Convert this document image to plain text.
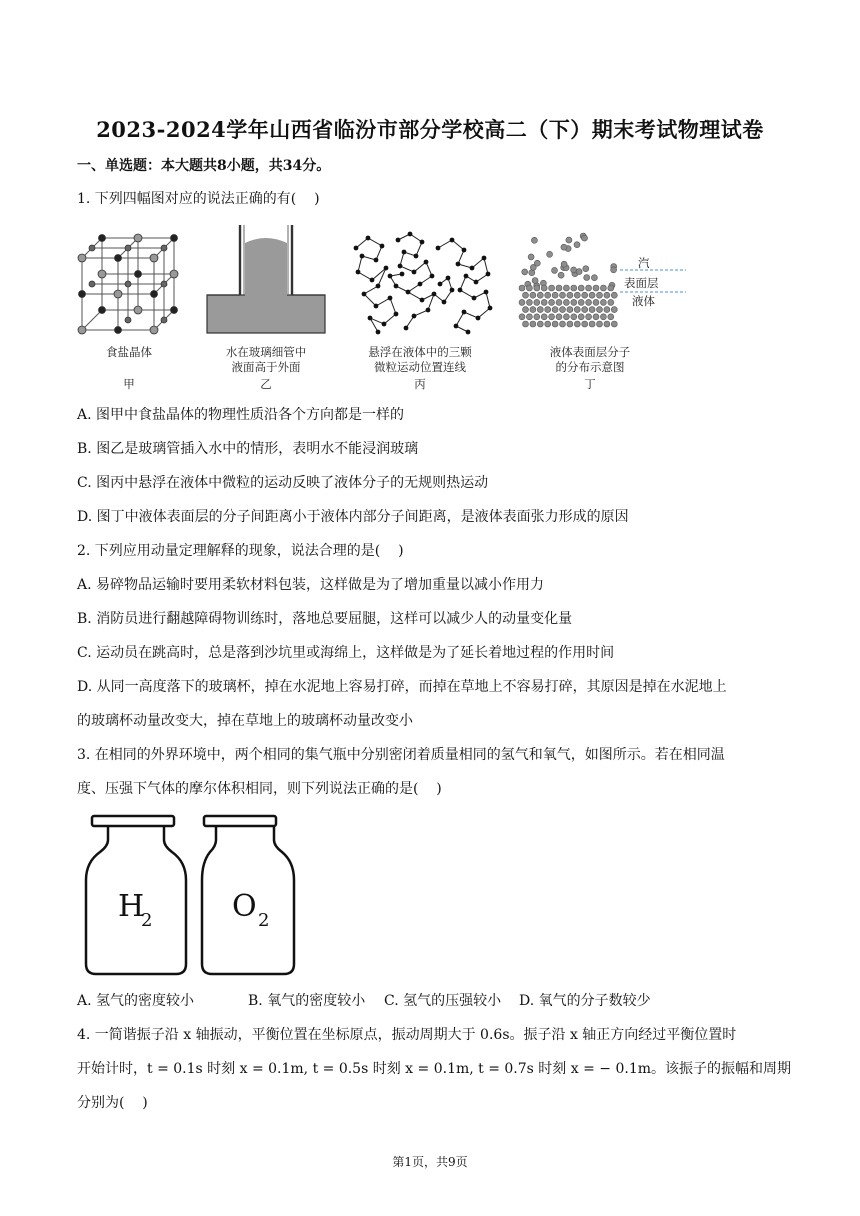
2023-2024学年山西省临汾市部分学校高二（下）期末考试物理试卷
一、单选题：本大题共8小题，共34分。
1. 下列四幅图对应的说法正确的有(    )
食盐晶体
甲
水在玻璃细管中
液面高于外面
乙
悬浮在液体中的三颗
微粒运动位置连线
丙
汽
表面层
液体
液体表面层分子
的分布示意图
丁
A. 图甲中食盐晶体的物理性质沿各个方向都是一样的
B. 图乙是玻璃管插入水中的情形，表明水不能浸润玻璃
C. 图丙中悬浮在液体中微粒的运动反映了液体分子的无规则热运动
D. 图丁中液体表面层的分子间距离小于液体内部分子间距离，是液体表面张力形成的原因
2. 下列应用动量定理解释的现象，说法合理的是(    )
A. 易碎物品运输时要用柔软材料包装，这样做是为了增加重量以减小作用力
B. 消防员进行翻越障碍物训练时，落地总要屈腿，这样可以减少人的动量变化量
C. 运动员在跳高时，总是落到沙坑里或海绵上，这样做是为了延长着地过程的作用时间
D. 从同一高度落下的玻璃杯，掉在水泥地上容易打碎，而掉在草地上不容易打碎，其原因是掉在水泥地上
的玻璃杯动量改变大，掉在草地上的玻璃杯动量改变小
3. 在相同的外界环境中，两个相同的集气瓶中分别密闭着质量相同的氢气和氧气，如图所示。若在相同温
度、压强下气体的摩尔体积相同，则下列说法正确的是(    )
H
2	O 2
A. 氢气的密度较小	B. 氧气的密度较小 C. 氢气的压强较小 D. 氧气的分子数较少
4. 一简谐振子沿 x 轴振动，平衡位置在坐标原点，振动周期大于 0.6s。振子沿 x 轴正方向经过平衡位置时
开始计时，t = 0.1s 时刻 x = 0.1m, t = 0.5s 时刻 x = 0.1m, t = 0.7s 时刻 x = − 0.1m。该振子的振幅和周期
分别为(    )
第1页，共9页
